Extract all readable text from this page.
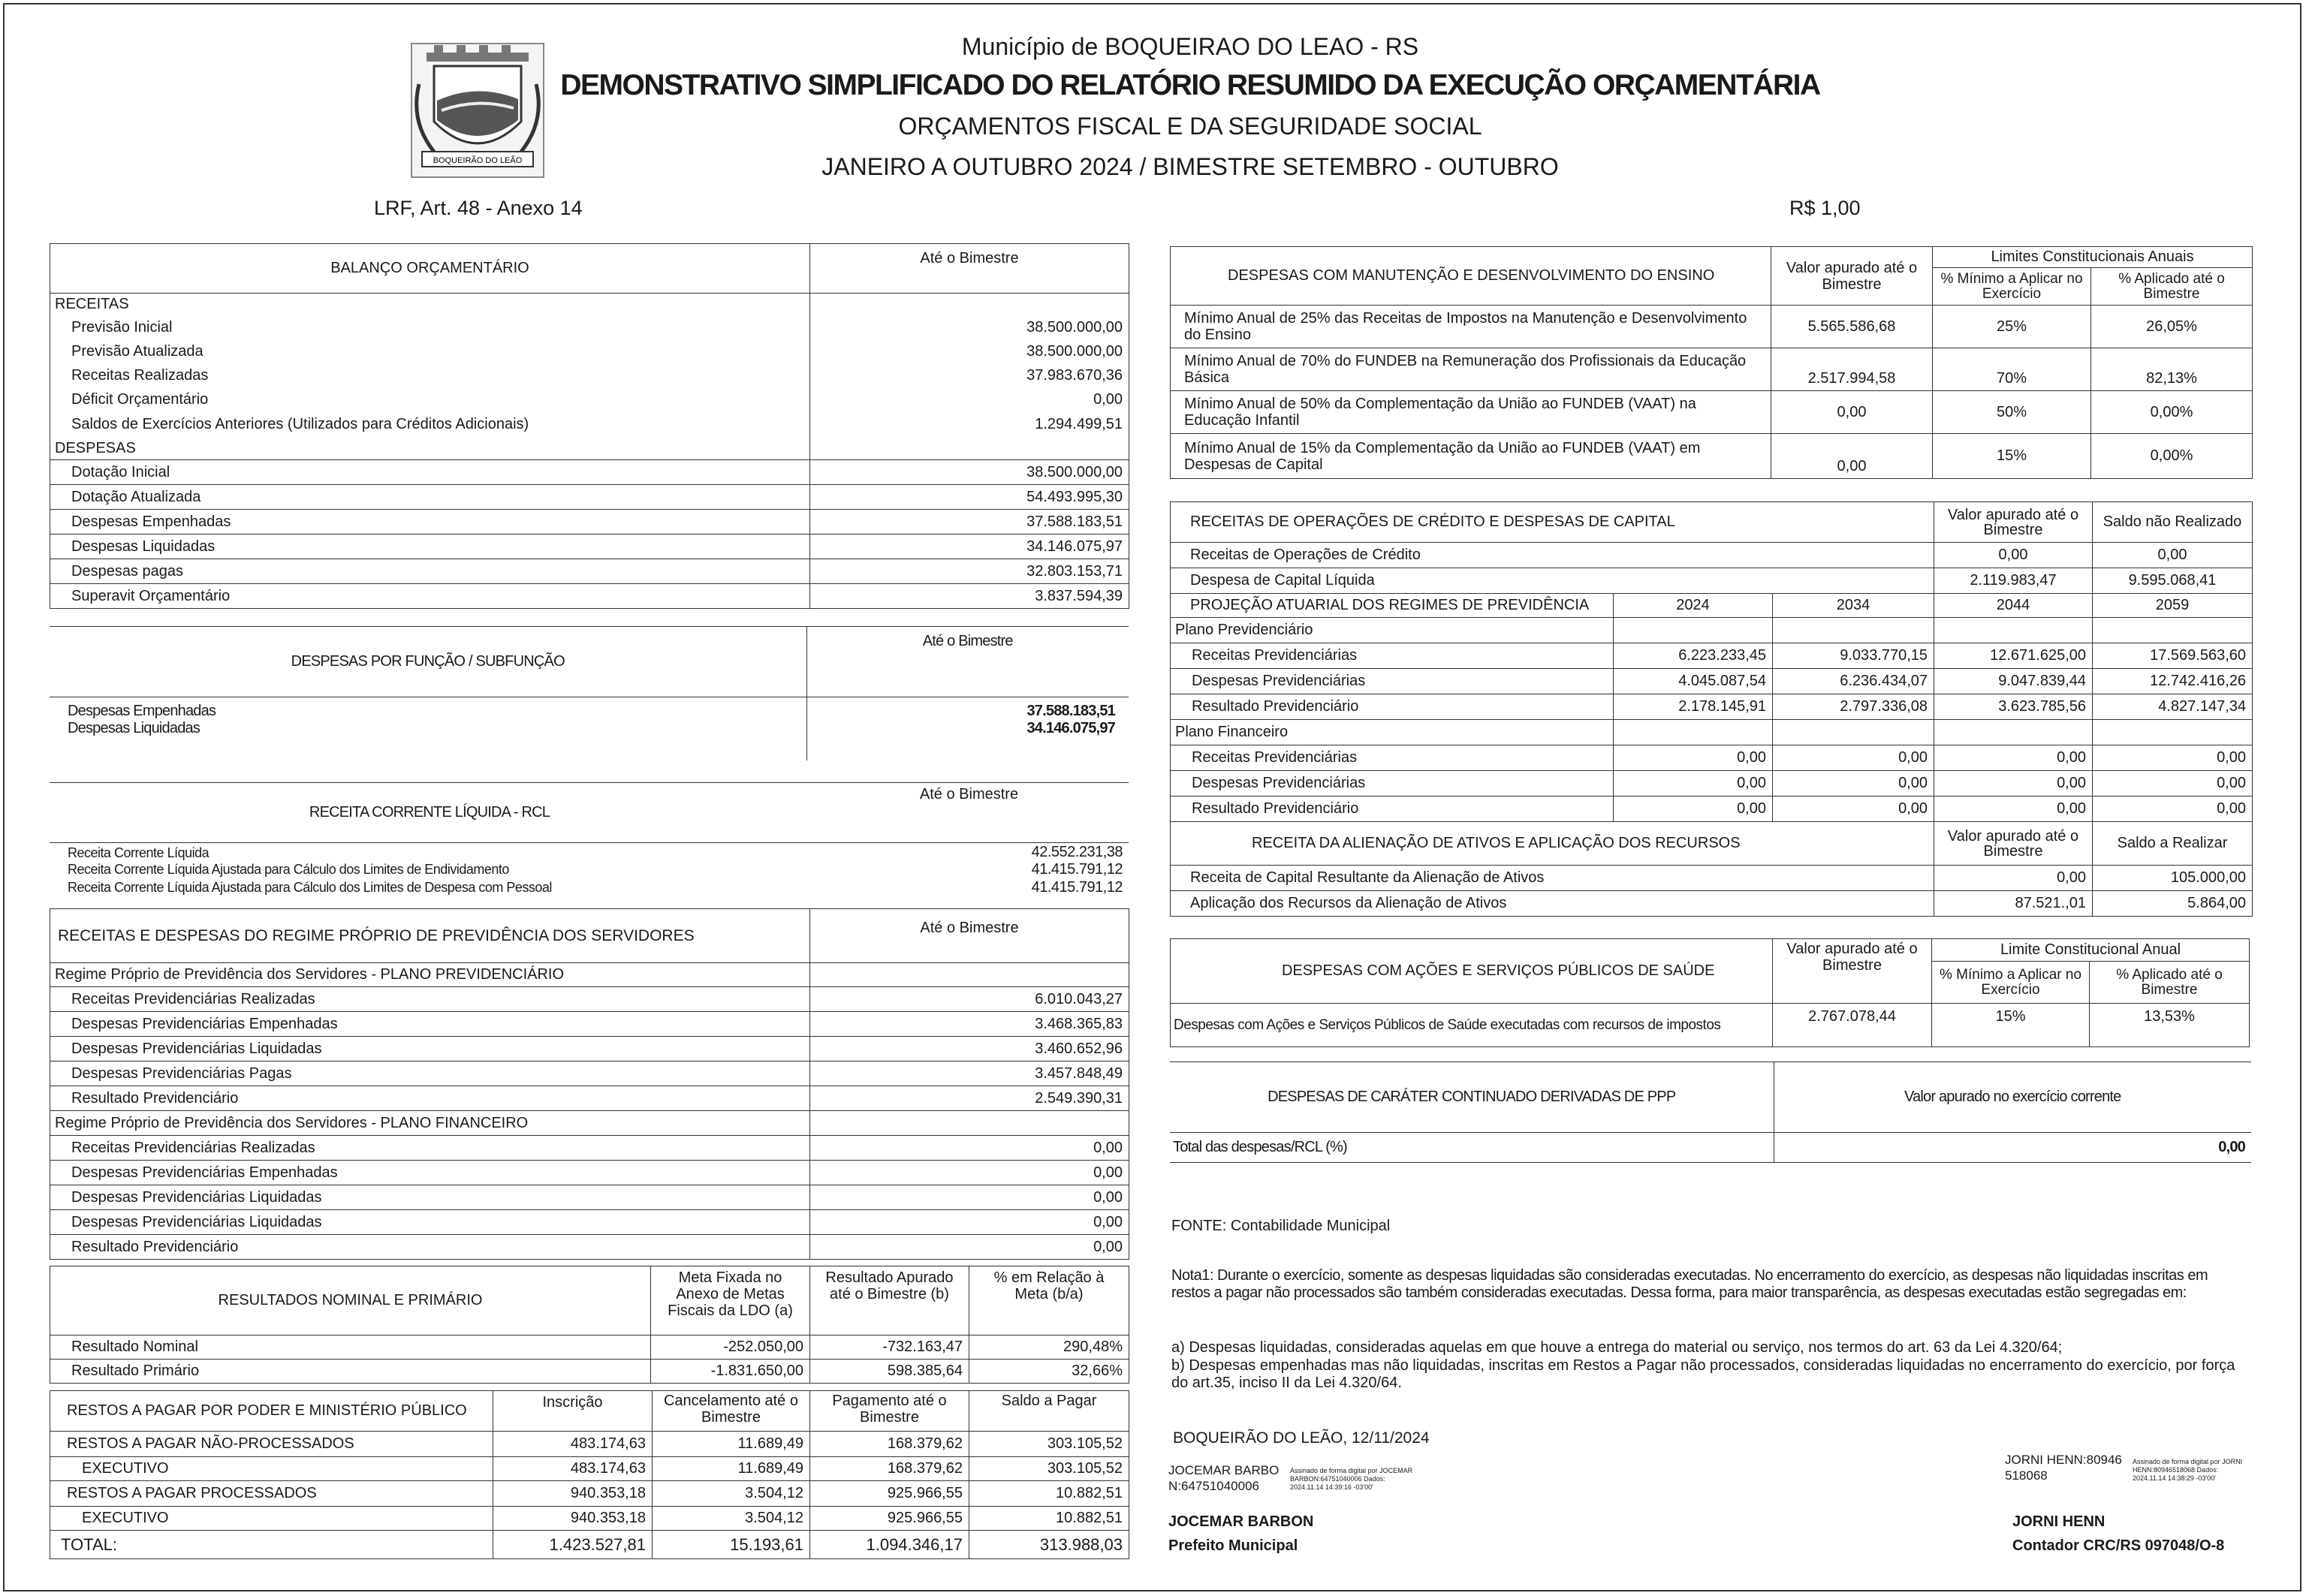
BOQUEIRÃO DO LEÃO
Município de BOQUEIRAO DO LEAO - RS
DEMONSTRATIVO SIMPLIFICADO DO RELATÓRIO RESUMIDO DA EXECUÇÃO ORÇAMENTÁRIA
ORÇAMENTOS FISCAL E DA SEGURIDADE SOCIAL
JANEIRO A OUTUBRO 2024 / BIMESTRE SETEMBRO - OUTUBRO
LRF, Art. 48 - Anexo 14	R$ 1,00
BALANÇO ORÇAMENTÁRIO	Até o Bimestre
RECEITAS	
Previsão Inicial	38.500.000,00
Previsão Atualizada	38.500.000,00
Receitas Realizadas	37.983.670,36
Déficit Orçamentário	0,00
Saldos de Exercícios Anteriores (Utilizados para Créditos Adicionais)	1.294.499,51
DESPESAS	
Dotação Inicial	38.500.000,00
Dotação Atualizada	54.493.995,30
Despesas Empenhadas	37.588.183,51
Despesas Liquidadas	34.146.075,97
Despesas pagas	32.803.153,71
Superavit Orçamentário	3.837.594,39
DESPESAS POR FUNÇÃO / SUBFUNÇÃO	Até o Bimestre
Despesas Empenhadas	37.588.183,51
Despesas Liquidadas	34.146.075,97
RECEITA CORRENTE LÍQUIDA - RCL	Até o Bimestre
Receita Corrente Líquida	42.552.231,38
Receita Corrente Líquida Ajustada para Cálculo dos Limites de Endividamento	41.415.791,12
Receita Corrente Líquida Ajustada para Cálculo dos Limites de Despesa com Pessoal	41.415.791,12
RECEITAS E DESPESAS DO REGIME PRÓPRIO DE PREVIDÊNCIA DOS SERVIDORES	Até o Bimestre
Regime Próprio de Previdência dos Servidores - PLANO PREVIDENCIÁRIO	
Receitas Previdenciárias Realizadas	6.010.043,27
Despesas Previdenciárias Empenhadas	3.468.365,83
Despesas Previdenciárias Liquidadas	3.460.652,96
Despesas Previdenciárias Pagas	3.457.848,49
Resultado Previdenciário	2.549.390,31
Regime Próprio de Previdência dos Servidores - PLANO FINANCEIRO	
Receitas Previdenciárias Realizadas	0,00
Despesas Previdenciárias Empenhadas	0,00
Despesas Previdenciárias Liquidadas	0,00
Despesas Previdenciárias Liquidadas	0,00
Resultado Previdenciário	0,00
RESULTADOS NOMINAL E PRIMÁRIO	Meta Fixada no Anexo de Metas Fiscais da LDO (a)	Resultado Apurado até o Bimestre (b)	% em Relação à Meta (b/a)
Resultado Nominal	-252.050,00	-732.163,47	290,48%
Resultado Primário	-1.831.650,00	598.385,64	32,66%
RESTOS A PAGAR POR PODER E MINISTÉRIO PÚBLICO	Inscrição	Cancelamento até o Bimestre	Pagamento até o Bimestre	Saldo a Pagar
RESTOS A PAGAR NÃO-PROCESSADOS	483.174,63	11.689,49	168.379,62	303.105,52
EXECUTIVO	483.174,63	11.689,49	168.379,62	303.105,52
RESTOS A PAGAR PROCESSADOS	940.353,18	3.504,12	925.966,55	10.882,51
EXECUTIVO	940.353,18	3.504,12	925.966,55	10.882,51
TOTAL:	1.423.527,81	15.193,61	1.094.346,17	313.988,03
DESPESAS COM MANUTENÇÃO E DESENVOLVIMENTO DO ENSINO	Valor apurado até o Bimestre	Limites Constitucionais Anuais	
		% Mínimo a Aplicar no Exercício	% Aplicado até o Bimestre
Mínimo Anual de 25% das Receitas de Impostos na Manutenção e Desenvolvimento do Ensino	5.565.586,68	25%	26,05%
Mínimo Anual de 70% do FUNDEB na Remuneração dos Profissionais da Educação Básica	2.517.994,58	70%	82,13%
Mínimo Anual de 50% da Complementação da União ao FUNDEB (VAAT) na Educação Infantil	0,00	50%	0,00%
Mínimo Anual de 15% da Complementação da União ao FUNDEB (VAAT) em Despesas de Capital	0,00	15%	0,00%
RECEITAS DE OPERAÇÕES DE CRÉDITO E DESPESAS DE CAPITAL			Valor apurado até o Bimestre	Saldo não Realizado
Receitas de Operações de Crédito			0,00	0,00
Despesa de Capital Líquida			2.119.983,47	9.595.068,41
PROJEÇÃO ATUARIAL DOS REGIMES DE PREVIDÊNCIA	2024	2034	2044	2059
Plano Previdenciário				
Receitas Previdenciárias	6.223.233,45	9.033.770,15	12.671.625,00	17.569.563,60
Despesas Previdenciárias	4.045.087,54	6.236.434,07	9.047.839,44	12.742.416,26
Resultado Previdenciário	2.178.145,91	2.797.336,08	3.623.785,56	4.827.147,34
Plano Financeiro				
Receitas Previdenciárias	0,00	0,00	0,00	0,00
Despesas Previdenciárias	0,00	0,00	0,00	0,00
Resultado Previdenciário	0,00	0,00	0,00	0,00
RECEITA DA ALIENAÇÃO DE ATIVOS E APLICAÇÃO DOS RECURSOS			Valor apurado até o Bimestre	Saldo a Realizar
Receita de Capital Resultante da Alienação de Ativos			0,00	105.000,00
Aplicação dos Recursos da Alienação de Ativos			87.521.,01	5.864,00
DESPESAS COM AÇÕES E SERVIÇOS PÚBLICOS DE SAÚDE	Valor apurado até o Bimestre	Limite Constitucional Anual	
		% Mínimo a Aplicar no Exercício	% Aplicado até o Bimestre
Despesas com Ações e Serviços Públicos de Saúde executadas com recursos de impostos	2.767.078,44	15%	13,53%
DESPESAS DE CARÁTER CONTINUADO DERIVADAS DE PPP	Valor apurado no exercício corrente
Total das despesas/RCL (%)	0,00
FONTE: Contabilidade Municipal
Nota1: Durante o exercício, somente as despesas liquidadas são consideradas executadas. No encerramento do exercício, as despesas não liquidadas inscritas em restos a pagar não processados são também consideradas executadas. Dessa forma, para maior transparência, as despesas executadas estão segregadas em:
a) Despesas liquidadas, consideradas aquelas em que houve a entrega do material ou serviço, nos termos do art. 63 da Lei 4.320/64;
b) Despesas empenhadas mas não liquidadas, inscritas em Restos a Pagar não processados, consideradas liquidadas no encerramento do exercício, por força do art.35, inciso II da Lei 4.320/64.
BOQUEIRÃO DO LEÃO, 12/11/2024
JOCEMAR BARBON:64751040006
Assinado de forma digital por JOCEMAR BARBON:64751040006 Dados: 2024.11.14 14:39:16 -03'00'
JOCEMAR BARBON
Prefeito Municipal
JORNI HENN:80946518068
Assinado de forma digital por JORNI HENN:80946518068 Dados: 2024.11.14 14:38:29 -03'00'
JORNI HENN
Contador CRC/RS 097048/O-8
